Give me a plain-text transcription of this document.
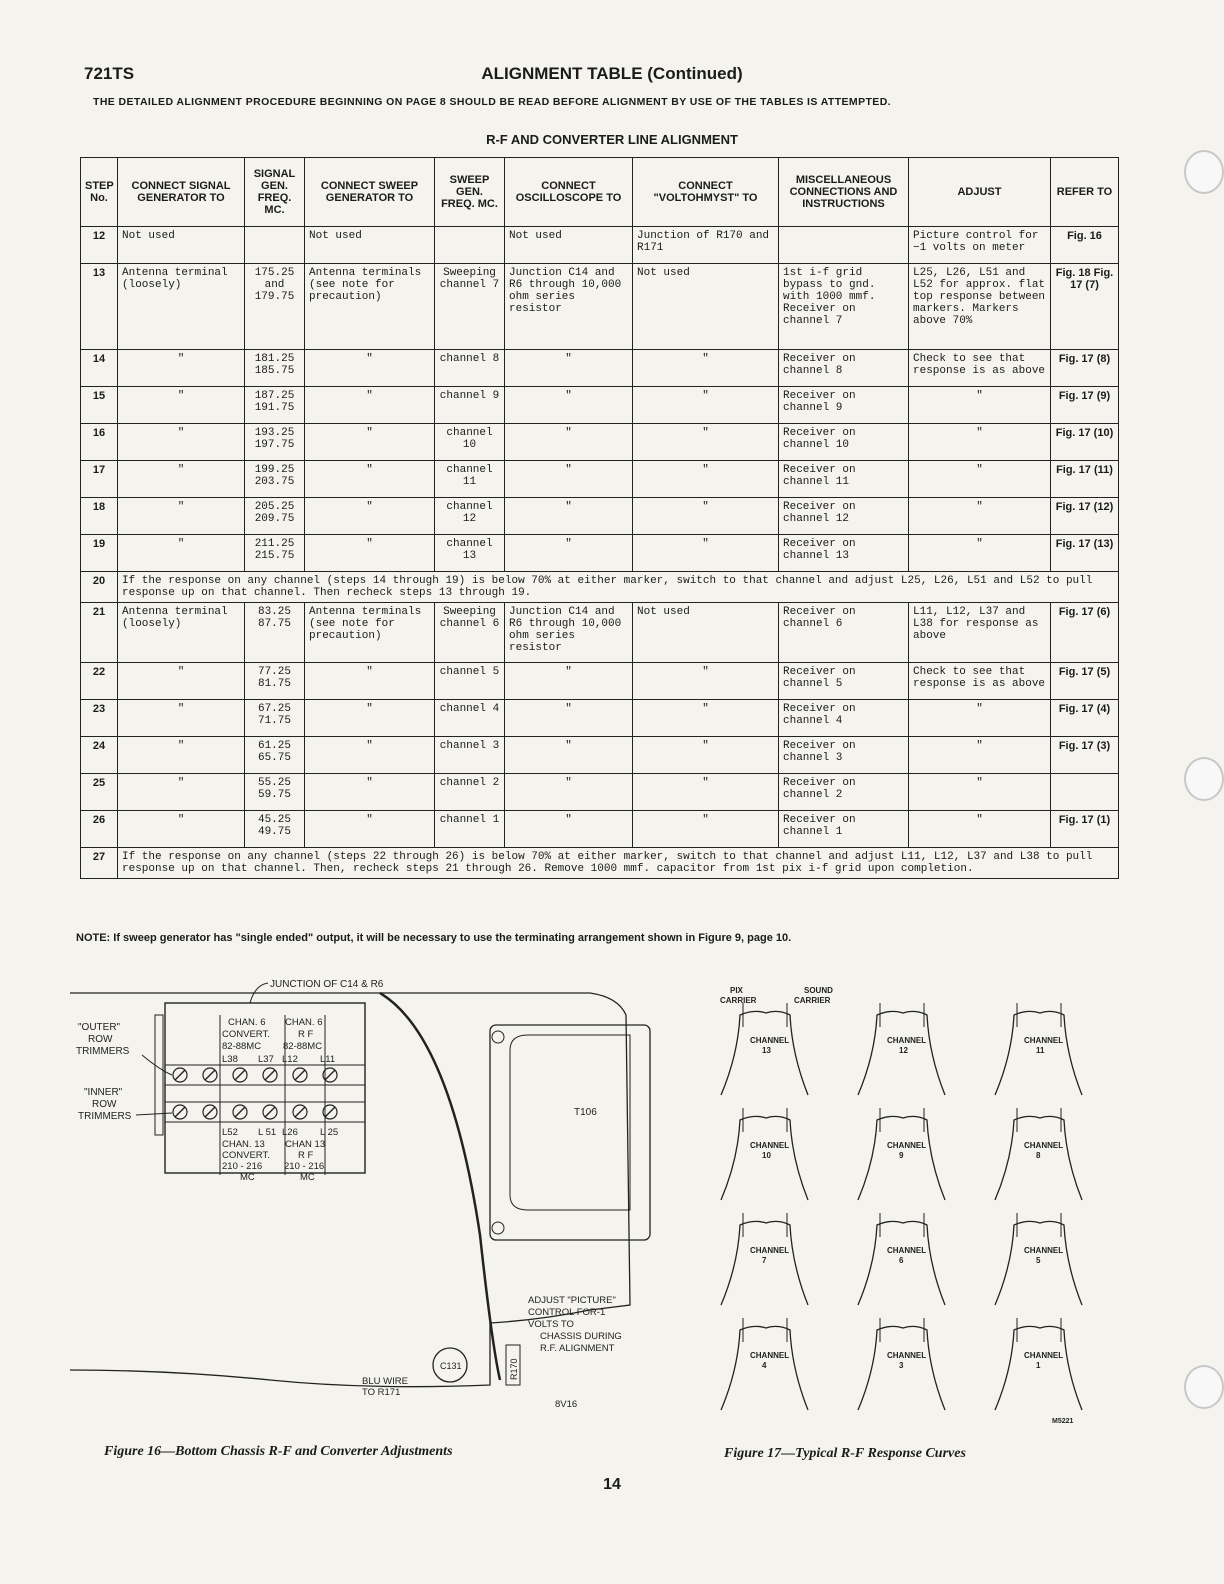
721TS	ALIGNMENT TABLE (Continued)
THE DETAILED ALIGNMENT PROCEDURE BEGINNING ON PAGE 8 SHOULD BE READ BEFORE ALIGNMENT BY USE OF THE TABLES IS ATTEMPTED.
R-F AND CONVERTER LINE ALIGNMENT
STEP No.	CONNECT SIGNAL GENERATOR TO	SIGNAL GEN. FREQ. MC.	CONNECT SWEEP GENERATOR TO	SWEEP GEN. FREQ. MC.	CONNECT OSCILLOSCOPE TO	CONNECT "VOLTOHMYST" TO	MISCELLANEOUS CONNECTIONS AND INSTRUCTIONS	ADJUST	REFER TO
12	Not used		Not used		Not used	Junction of R170 and R171		Picture control for −1 volts on meter	Fig. 16
13	Antenna terminal (loosely)	175.25 and 179.75	Antenna terminals (see note for precaution)	Sweeping channel 7	Junction C14 and R6 through 10,000 ohm series resistor	Not used	1st i-f grid bypass to gnd. with 1000 mmf. Receiver on channel 7	L25, L26, L51 and L52 for approx. flat top response between markers. Markers above 70%	Fig. 18 Fig. 17 (7)
14	"	181.25 185.75	"	channel 8	"	"	Receiver on channel 8	Check to see that response is as above	Fig. 17 (8)
15	"	187.25 191.75	"	channel 9	"	"	Receiver on channel 9	"	Fig. 17 (9)
16	"	193.25 197.75	"	channel 10	"	"	Receiver on channel 10	"	Fig. 17 (10)
17	"	199.25 203.75	"	channel 11	"	"	Receiver on channel 11	"	Fig. 17 (11)
18	"	205.25 209.75	"	channel 12	"	"	Receiver on channel 12	"	Fig. 17 (12)
19	"	211.25 215.75	"	channel 13	"	"	Receiver on channel 13	"	Fig. 17 (13)
20	If the response on any channel (steps 14 through 19) is below 70% at either marker, switch to that channel and adjust L25, L26, L51 and L52 to pull response up on that channel. Then recheck steps 13 through 19.								
21	Antenna terminal (loosely)	83.25 87.75	Antenna terminals (see note for precaution)	Sweeping channel 6	Junction C14 and R6 through 10,000 ohm series resistor	Not used	Receiver on channel 6	L11, L12, L37 and L38 for response as above	Fig. 17 (6)
22	"	77.25 81.75	"	channel 5	"	"	Receiver on channel 5	Check to see that response is as above	Fig. 17 (5)
23	"	67.25 71.75	"	channel 4	"	"	Receiver on channel 4	"	Fig. 17 (4)
24	"	61.25 65.75	"	channel 3	"	"	Receiver on channel 3	"	Fig. 17 (3)
25	"	55.25 59.75	"	channel 2	"	"	Receiver on channel 2	"	
26	"	45.25 49.75	"	channel 1	"	"	Receiver on channel 1	"	Fig. 17 (1)
27	If the response on any channel (steps 22 through 26) is below 70% at either marker, switch to that channel and adjust L11, L12, L37 and L38 to pull response up on that channel. Then, recheck steps 21 through 26. Remove 1000 mmf. capacitor from 1st pix i-f grid upon completion.								
NOTE: If sweep generator has "single ended" output, it will be necessary to use the terminating arrangement shown in Figure 9, page 10.
JUNCTION OF C14 & R6
CHAN. 6
CONVERT.
82-88MC
CHAN. 6
R F
82-88MC
L38 L37 L12 L11
L52 L 51 L26 L 25
CHAN. 13
CONVERT.
210 - 216
MC
CHAN 13
R F
210 - 216
MC
"OUTER"
ROW
TRIMMERS
"INNER"
ROW
TRIMMERS	T106
ADJUST "PICTURE"
CONTROL FOR-1
VOLTS TO
CHASSIS DURING
R.F. ALIGNMENT
BLU WIRE
TO R171
8V16
C131	R170
PIX
CARRIER
SOUND
CARRIER
CHANNEL
13
CHANNEL
12
CHANNEL
11
CHANNEL
10
CHANNEL
9
CHANNEL
8
CHANNEL
7
CHANNEL
6
CHANNEL
5
CHANNEL
4
CHANNEL
3
CHANNEL
1
M5221
Figure 16—Bottom Chassis R-F and Converter Adjustments	Figure 17—Typical R-F Response Curves
14
